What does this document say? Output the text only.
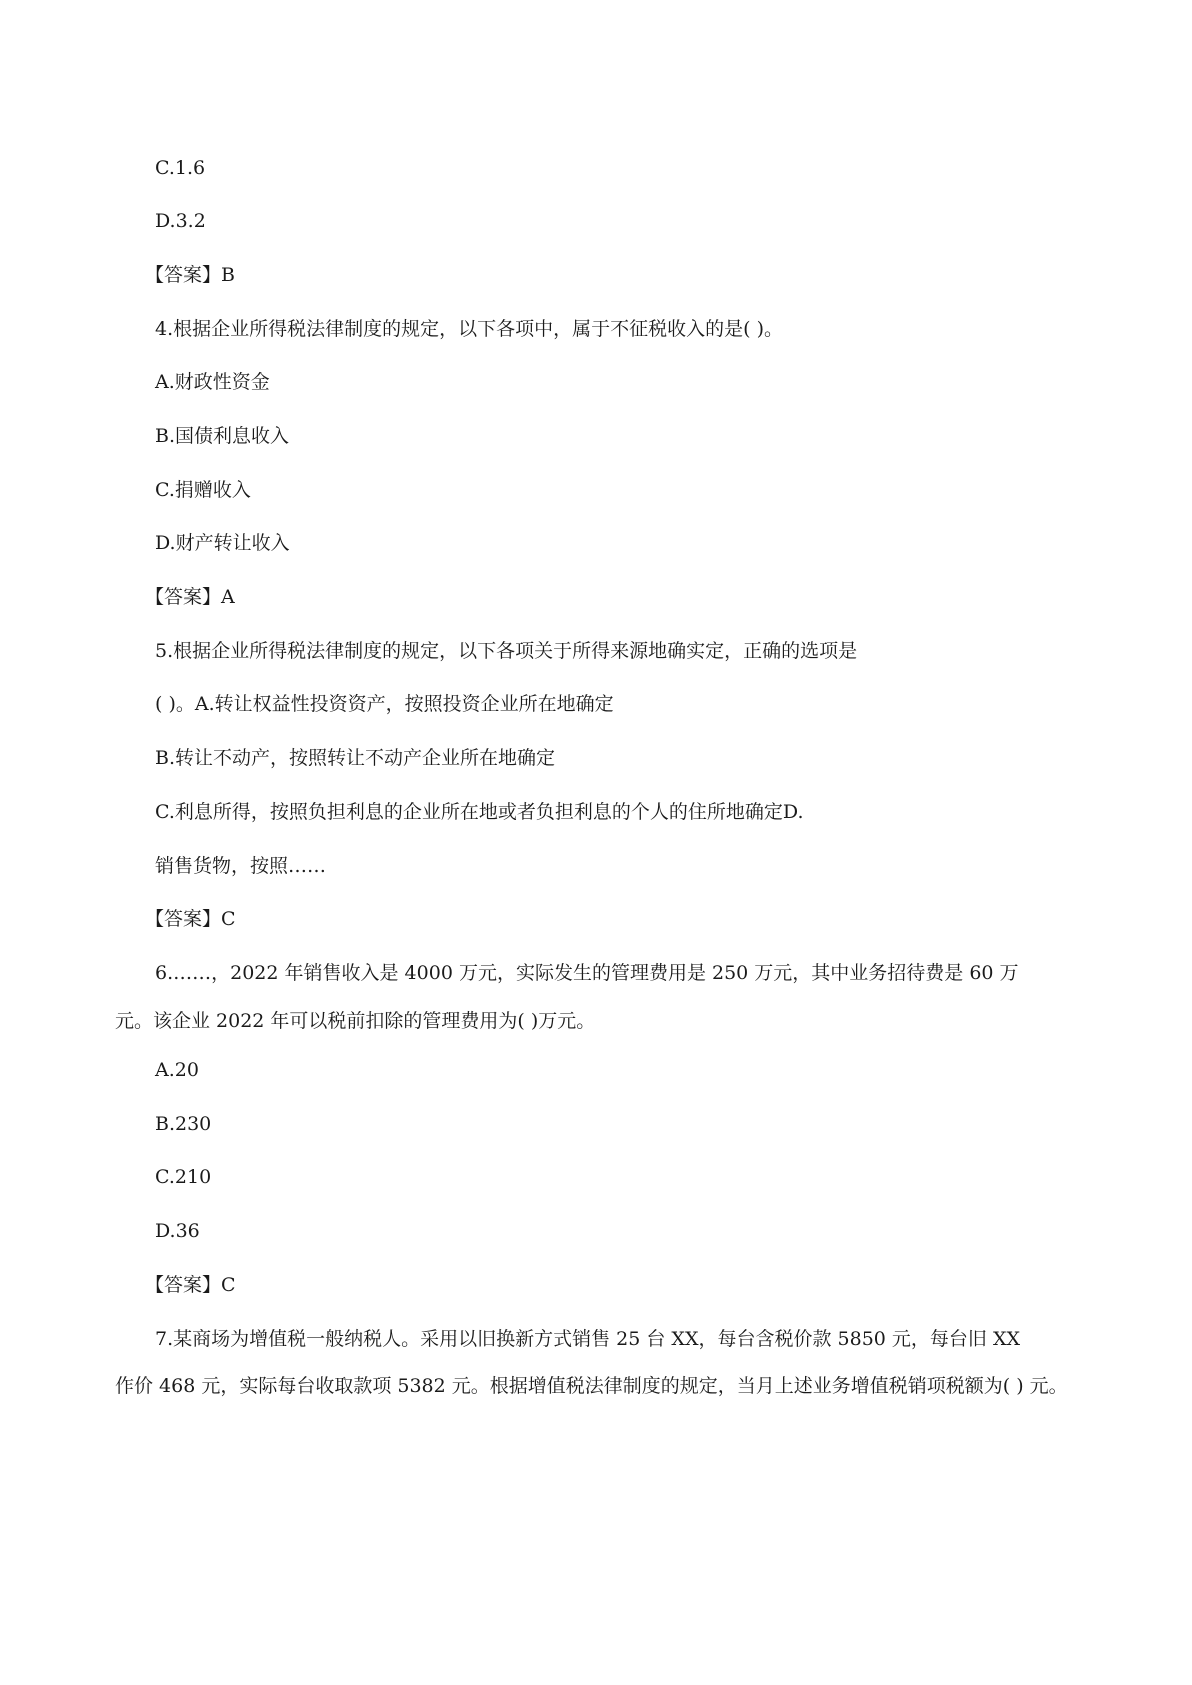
C.1.6
D.3.2
【答案】B
4.根据企业所得税法律制度的规定，以下各项中，属于不征税收入的是( )。
A.财政性资金
B.国债利息收入
C.捐赠收入
D.财产转让收入
【答案】A
5.根据企业所得税法律制度的规定，以下各项关于所得来源地确实定，正确的选项是
( )。A.转让权益性投资资产，按照投资企业所在地确定
B.转让不动产，按照转让不动产企业所在地确定
C.利息所得，按照负担利息的企业所在地或者负担利息的个人的住所地确定D.
销售货物，按照……
【答案】C
6.……，2022 年销售收入是 4000 万元，实际发生的管理费用是 250 万元，其中业务招待费是 60 万
元。该企业 2022 年可以税前扣除的管理费用为( )万元。
A.20
B.230
C.210
D.36
【答案】C
7.某商场为增值税一般纳税人。采用以旧换新方式销售 25 台 XX，每台含税价款 5850 元，每台旧 XX
作价 468 元，实际每台收取款项 5382 元。根据增值税法律制度的规定，当月上述业务增值税销项税额为( ) 元。
